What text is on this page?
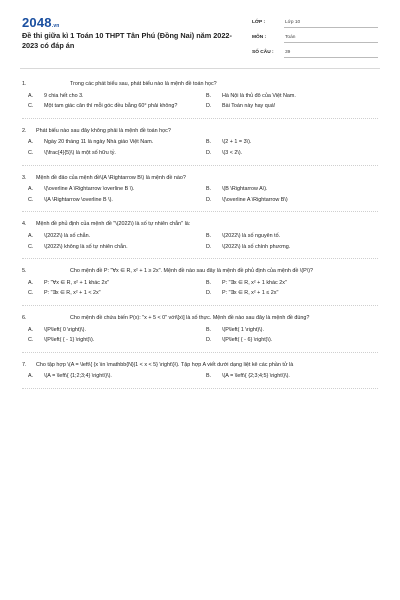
2048.vn
Đề thi giữa kì 1 Toán 10 THPT Tân Phú (Đồng Nai) năm 2022-2023 có đáp án
LỚP :	Lớp 10
MÔN :	Toán
SỐ CÂU :	39
1.	Trong các phát biểu sau, phát biểu nào là mệnh đề toán học?
A.	9 chia hết cho 3.	B.	Hà Nội là thủ đô của Việt Nam.
C.	Một tam giác cân thì mỗi góc đều bằng 60° phải không?	D.	Bài Toán này hay quá!
2.	Phát biểu nào sau đây không phải là mệnh đề toán học?
A.	Ngày 20 tháng 11 là ngày Nhà giáo Việt Nam.	B.	\(2 + 1 = 3\).
C.	\(\frac{4}{5}\) là một số hữu tỷ.	D.	\(3 < 2\).
3.	Mệnh đề đảo của mệnh đề\(A \Rightarrow B\) là mệnh đề nào?
A.	\(\overline A \Rightarrow \overline B \).	B.	\(B \Rightarrow A\).
C.	\(A \Rightarrow \overline B \).	D.	\(\overline A \Rightarrow B\)
4.	Mệnh đề phủ định của mệnh đề "\(2022\) là số tự nhiên chẵn" là:
A.	\(2022\) là số chẵn.	B.	\(2022\) là số nguyên tố.
C.	\(2022\) không là số tự nhiên chẵn.	D.	\(2022\) là số chính phương.
5.	Cho mệnh đề P: "∀x ∈ R, x² + 1 ≥ 2x". Mệnh đề nào sau đây là mệnh đề phủ định của mệnh đề \(P\)?
A.	P: "∀x ∈ R, x² + 1 khác 2x"	B.	P: "∃x ∈ R, x² + 1 khác 2x"
C.	P: "∃x ∈ R, x² + 1 < 2x"	D.	P: "∃x ∈ R, x² + 1 ≤ 2x"
6.	Cho mệnh đề chứa biến P(x): "x + 5 < 0" với\[x\] là số thực. Mệnh đề nào sau đây là mệnh đề đúng?
A.	\(P\left( 0 \right)\).	B.	\(P\left( 1 \right)\).
C.	\(P\left( { - 1} \right)\).	D.	\(P\left( { - 6} \right)\).
7.	Cho tập hợp \(A = \left\{ {x \in \mathbb{N}|1 < x < 5} \right\}\). Tập hợp A viết dưới dạng liệt kê các phần tử là
A.	\(A = \left\{ {1;2;3;4} \right\}\).	B.	\(A = \left\{ {2;3;4;5} \right\}\).
